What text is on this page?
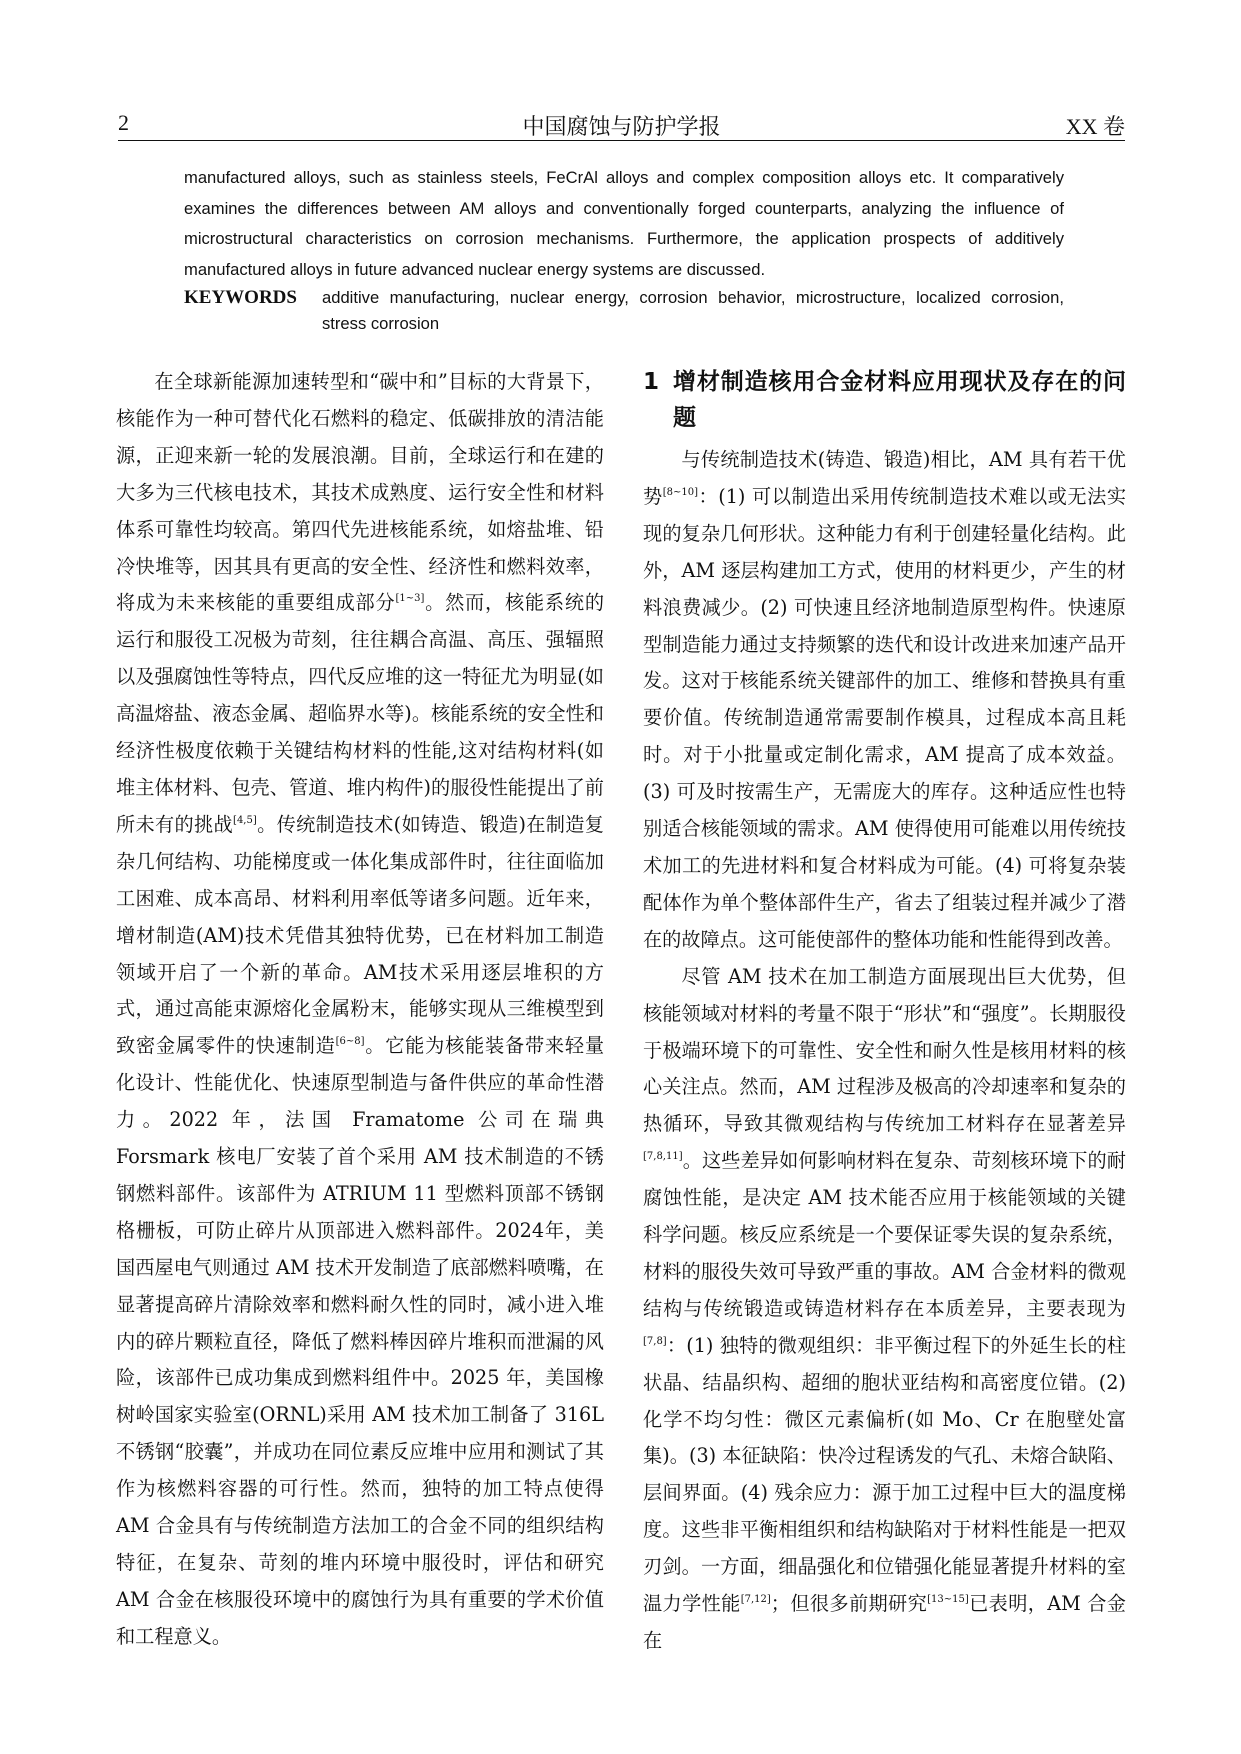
2	中国腐蚀与防护学报	XX 卷
manufactured alloys, such as stainless steels, FeCrAl alloys and complex composition alloys etc. It comparatively examines the differences between AM alloys and conventionally forged counterparts, analyzing the influence of microstructural characteristics on corrosion mechanisms. Furthermore, the application prospects of additively manufactured alloys in future advanced nuclear energy systems are discussed.
KEYWORDS	additive manufacturing, nuclear energy, corrosion behavior, microstructure, localized corrosion, stress corrosion

在全球新能源加速转型和“碳中和”目标的大背景下，核能作为一种可替代化石燃料的稳定、低碳排放的清洁能源，正迎来新一轮的发展浪潮。目前，全球运行和在建的大多为三代核电技术，其技术成熟度、运行安全性和材料体系可靠性均较高。第四代先进核能系统，如熔盐堆、铅冷快堆等，因其具有更高的安全性、经济性和燃料效率，将成为未来核能的重要组成部分[1~3]。然而，核能系统的运行和服役工况极为苛刻，往往耦合高温、高压、强辐照以及强腐蚀性等特点，四代反应堆的这一特征尤为明显(如高温熔盐、液态金属、超临界水等)。核能系统的安全性和经济性极度依赖于关键结构材料的性能,这对结构材料(如堆主体材料、包壳、管道、堆内构件)的服役性能提出了前所未有的挑战[4,5]。传统制造技术(如铸造、锻造)在制造复杂几何结构、功能梯度或一体化集成部件时，往往面临加工困难、成本高昂、材料利用率低等诸多问题。近年来，增材制造(AM)技术凭借其独特优势，已在材料加工制造领域开启了一个新的革命。AM技术采用逐层堆积的方式，通过高能束源熔化金属粉末，能够实现从三维模型到致密金属零件的快速制造[6~8]。它能为核能装备带来轻量化设计、性能优化、快速原型制造与备件供应的革命性潜力。2022 年，法国 Framatome 公司在瑞典 Forsmark 核电厂安装了首个采用 AM 技术制造的不锈钢燃料部件。该部件为 ATRIUM 11 型燃料顶部不锈钢格栅板，可防止碎片从顶部进入燃料部件。2024年，美国西屋电气则通过 AM 技术开发制造了底部燃料喷嘴，在显著提高碎片清除效率和燃料耐久性的同时，减小进入堆内的碎片颗粒直径，降低了燃料棒因碎片堆积而泄漏的风险，该部件已成功集成到燃料组件中。2025 年，美国橡树岭国家实验室(ORNL)采用 AM 技术加工制备了 316L 不锈钢“胶囊”，并成功在同位素反应堆中应用和测试了其作为核燃料容器的可行性。然而，独特的加工特点使得AM 合金具有与传统制造方法加工的合金不同的组织结构特征，在复杂、苛刻的堆内环境中服役时，评估和研究 AM 合金在核服役环境中的腐蚀行为具有重要的学术价值和工程意义。

1 增材制造核用合金材料应用现状及存在的问题

与传统制造技术(铸造、锻造)相比，AM 具有若干优势[8~10]：(1) 可以制造出采用传统制造技术难以或无法实现的复杂几何形状。这种能力有利于创建轻量化结构。此外，AM 逐层构建加工方式，使用的材料更少，产生的材料浪费减少。(2) 可快速且经济地制造原型构件。快速原型制造能力通过支持频繁的迭代和设计改进来加速产品开发。这对于核能系统关键部件的加工、维修和替换具有重要价值。传统制造通常需要制作模具，过程成本高且耗时。对于小批量或定制化需求，AM 提高了成本效益。(3) 可及时按需生产，无需庞大的库存。这种适应性也特别适合核能领域的需求。AM 使得使用可能难以用传统技术加工的先进材料和复合材料成为可能。(4) 可将复杂装配体作为单个整体部件生产，省去了组装过程并减少了潜在的故障点。这可能使部件的整体功能和性能得到改善。

尽管 AM 技术在加工制造方面展现出巨大优势，但核能领域对材料的考量不限于“形状”和“强度”。长期服役于极端环境下的可靠性、安全性和耐久性是核用材料的核心关注点。然而，AM 过程涉及极高的冷却速率和复杂的热循环，导致其微观结构与传统加工材料存在显著差异[7,8,11]。这些差异如何影响材料在复杂、苛刻核环境下的耐腐蚀性能，是决定 AM 技术能否应用于核能领域的关键科学问题。核反应系统是一个要保证零失误的复杂系统，材料的服役失效可导致严重的事故。AM 合金材料的微观结构与传统锻造或铸造材料存在本质差异，主要表现为[7,8]：(1) 独特的微观组织：非平衡过程下的外延生长的柱状晶、结晶织构、超细的胞状亚结构和高密度位错。(2) 化学不均匀性：微区元素偏析(如 Mo、Cr 在胞壁处富集)。(3) 本征缺陷：快冷过程诱发的气孔、未熔合缺陷、层间界面。(4) 残余应力：源于加工过程中巨大的温度梯度。这些非平衡相组织和结构缺陷对于材料性能是一把双刃剑。一方面，细晶强化和位错强化能显著提升材料的室温力学性能[7,12]；但很多前期研究[13~15]已表明，AM 合金在
